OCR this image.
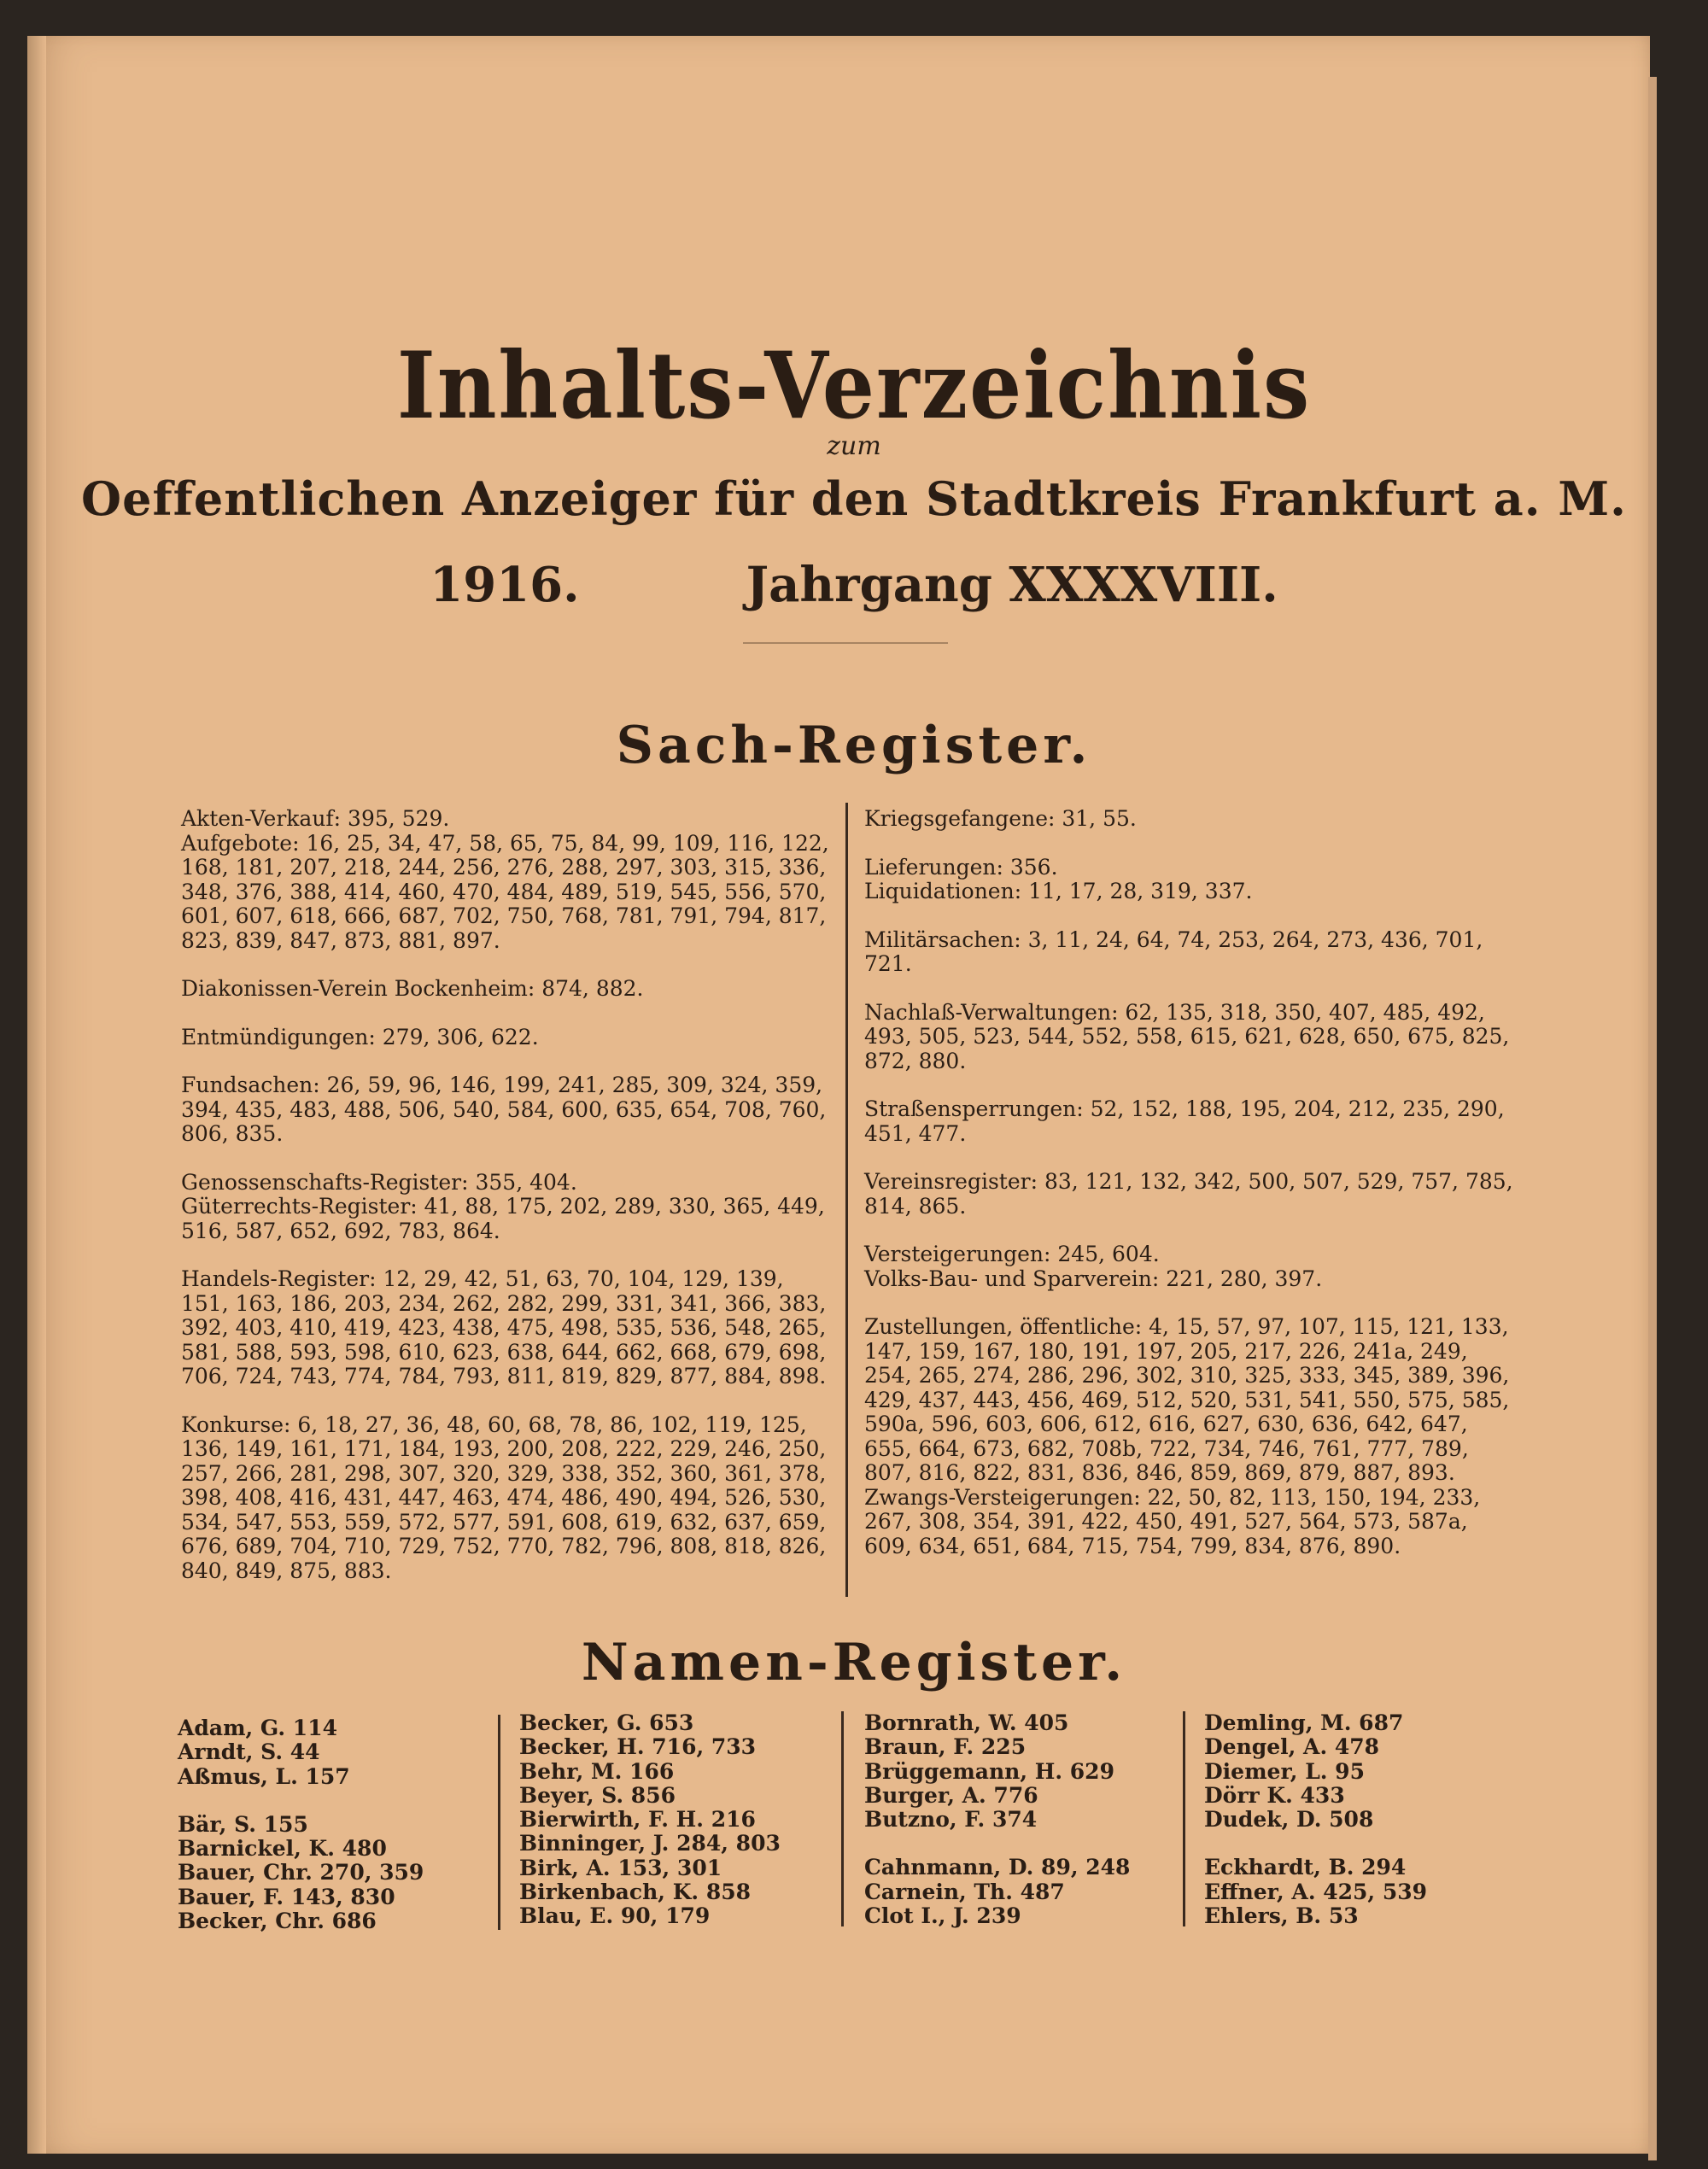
Inhalts-Verzeichnis
zum
Oeffentlichen Anzeiger für den Stadtkreis Frankfurt a. M.
1916.	Jahrgang XXXXVIII.
Sach-Register.
Akten-Verkauf: 395, 529.
Aufgebote: 16, 25, 34, 47, 58, 65, 75, 84, 99, 109, 116, 122, 168, 181, 207, 218, 244, 256, 276, 288, 297, 303, 315, 336, 348, 376, 388, 414, 460, 470, 484, 489, 519, 545, 556, 570, 601, 607, 618, 666, 687, 702, 750, 768, 781, 791, 794, 817, 823, 839, 847, 873, 881, 897.
Diakonissen-Verein Bockenheim: 874, 882.
Entmündigungen: 279, 306, 622.
Fundsachen: 26, 59, 96, 146, 199, 241, 285, 309, 324, 359, 394, 435, 483, 488, 506, 540, 584, 600, 635, 654, 708, 760, 806, 835.
Genossenschafts-Register: 355, 404.
Güterrechts-Register: 41, 88, 175, 202, 289, 330, 365, 449, 516, 587, 652, 692, 783, 864.
Handels-Register: 12, 29, 42, 51, 63, 70, 104, 129, 139, 151, 163, 186, 203, 234, 262, 282, 299, 331, 341, 366, 383, 392, 403, 410, 419, 423, 438, 475, 498, 535, 536, 548, 265, 581, 588, 593, 598, 610, 623, 638, 644, 662, 668, 679, 698, 706, 724, 743, 774, 784, 793, 811, 819, 829, 877, 884, 898.
Konkurse: 6, 18, 27, 36, 48, 60, 68, 78, 86, 102, 119, 125, 136, 149, 161, 171, 184, 193, 200, 208, 222, 229, 246, 250, 257, 266, 281, 298, 307, 320, 329, 338, 352, 360, 361, 378, 398, 408, 416, 431, 447, 463, 474, 486, 490, 494, 526, 530, 534, 547, 553, 559, 572, 577, 591, 608, 619, 632, 637, 659, 676, 689, 704, 710, 729, 752, 770, 782, 796, 808, 818, 826, 840, 849, 875, 883.
Kriegsgefangene: 31, 55.
Lieferungen: 356.
Liquidationen: 11, 17, 28, 319, 337.
Militärsachen: 3, 11, 24, 64, 74, 253, 264, 273, 436, 701, 721.
Nachlaß-Verwaltungen: 62, 135, 318, 350, 407, 485, 492, 493, 505, 523, 544, 552, 558, 615, 621, 628, 650, 675, 825, 872, 880.
Straßensperrungen: 52, 152, 188, 195, 204, 212, 235, 290, 451, 477.
Vereinsregister: 83, 121, 132, 342, 500, 507, 529, 757, 785, 814, 865.
Versteigerungen: 245, 604.
Volks-Bau- und Sparverein: 221, 280, 397.
Zustellungen, öffentliche: 4, 15, 57, 97, 107, 115, 121, 133, 147, 159, 167, 180, 191, 197, 205, 217, 226, 241a, 249, 254, 265, 274, 286, 296, 302, 310, 325, 333, 345, 389, 396, 429, 437, 443, 456, 469, 512, 520, 531, 541, 550, 575, 585, 590a, 596, 603, 606, 612, 616, 627, 630, 636, 642, 647, 655, 664, 673, 682, 708b, 722, 734, 746, 761, 777, 789, 807, 816, 822, 831, 836, 846, 859, 869, 879, 887, 893.
Zwangs-Versteigerungen: 22, 50, 82, 113, 150, 194, 233, 267, 308, 354, 391, 422, 450, 491, 527, 564, 573, 587a, 609, 634, 651, 684, 715, 754, 799, 834, 876, 890.
Namen-Register.
Adam, G. 114
Arndt, S. 44
Aßmus, L. 157
Bär, S. 155
Barnickel, K. 480
Bauer, Chr. 270, 359
Bauer, F. 143, 830
Becker, Chr. 686
Becker, G. 653
Becker, H. 716, 733
Behr, M. 166
Beyer, S. 856
Bierwirth, F. H. 216
Binninger, J. 284, 803
Birk, A. 153, 301
Birkenbach, K. 858
Blau, E. 90, 179
Bornrath, W. 405
Braun, F. 225
Brüggemann, H. 629
Burger, A. 776
Butzno, F. 374
Cahnmann, D. 89, 248
Carnein, Th. 487
Clot I., J. 239
Demling, M. 687
Dengel, A. 478
Diemer, L. 95
Dörr K. 433
Dudek, D. 508
Eckhardt, B. 294
Effner, A. 425, 539
Ehlers, B. 53
